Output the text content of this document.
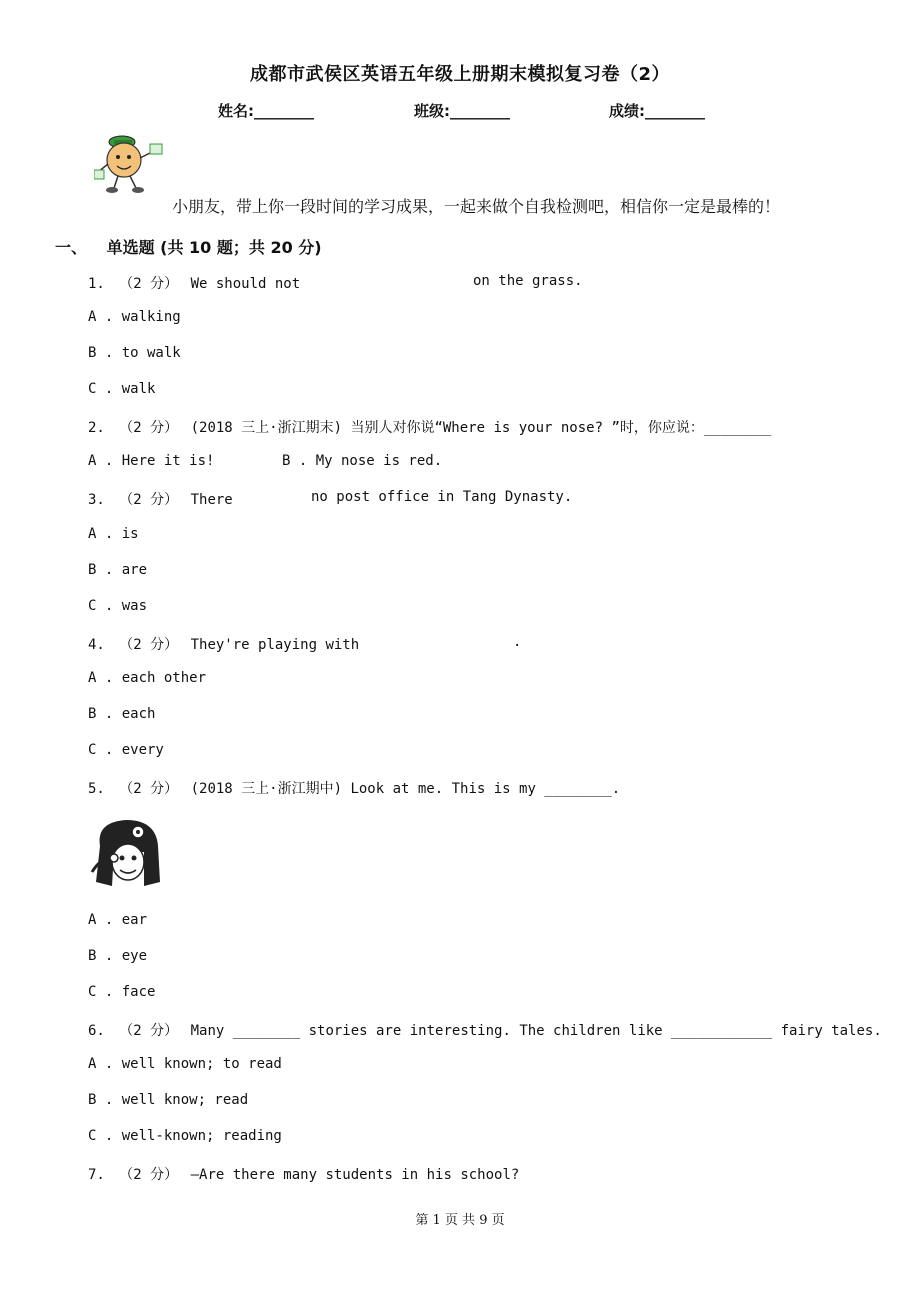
成都市武侯区英语五年级上册期末模拟复习卷（2）
姓名:________	班级:________	成绩:________
小朋友，带上你一段时间的学习成果，一起来做个自我检测吧，相信你一定是最棒的！
一、 单选题 (共 10 题；共 20 分)
1. （2 分） We should not	on the grass.
A . walking
B . to walk
C . walk
2. （2 分） (2018 三上·浙江期末) 当别人对你说“Where is your nose? ”时，你应说：________
A . Here it is!	B . My nose is red.
3. （2 分） There	no post office in Tang Dynasty.
A . is
B . are
C . was
4. （2 分） They're playing with	.
A . each other
B . each
C . every
5. （2 分） (2018 三上·浙江期中) Look at me. This is my ________.
A . ear
B . eye
C . face
6. （2 分） Many ________ stories are interesting. The children like ____________ fairy tales.
A . well known; to read
B . well know; read
C . well-known; reading
7. （2 分） —Are there many students in his school?
第 1 页 共 9 页
